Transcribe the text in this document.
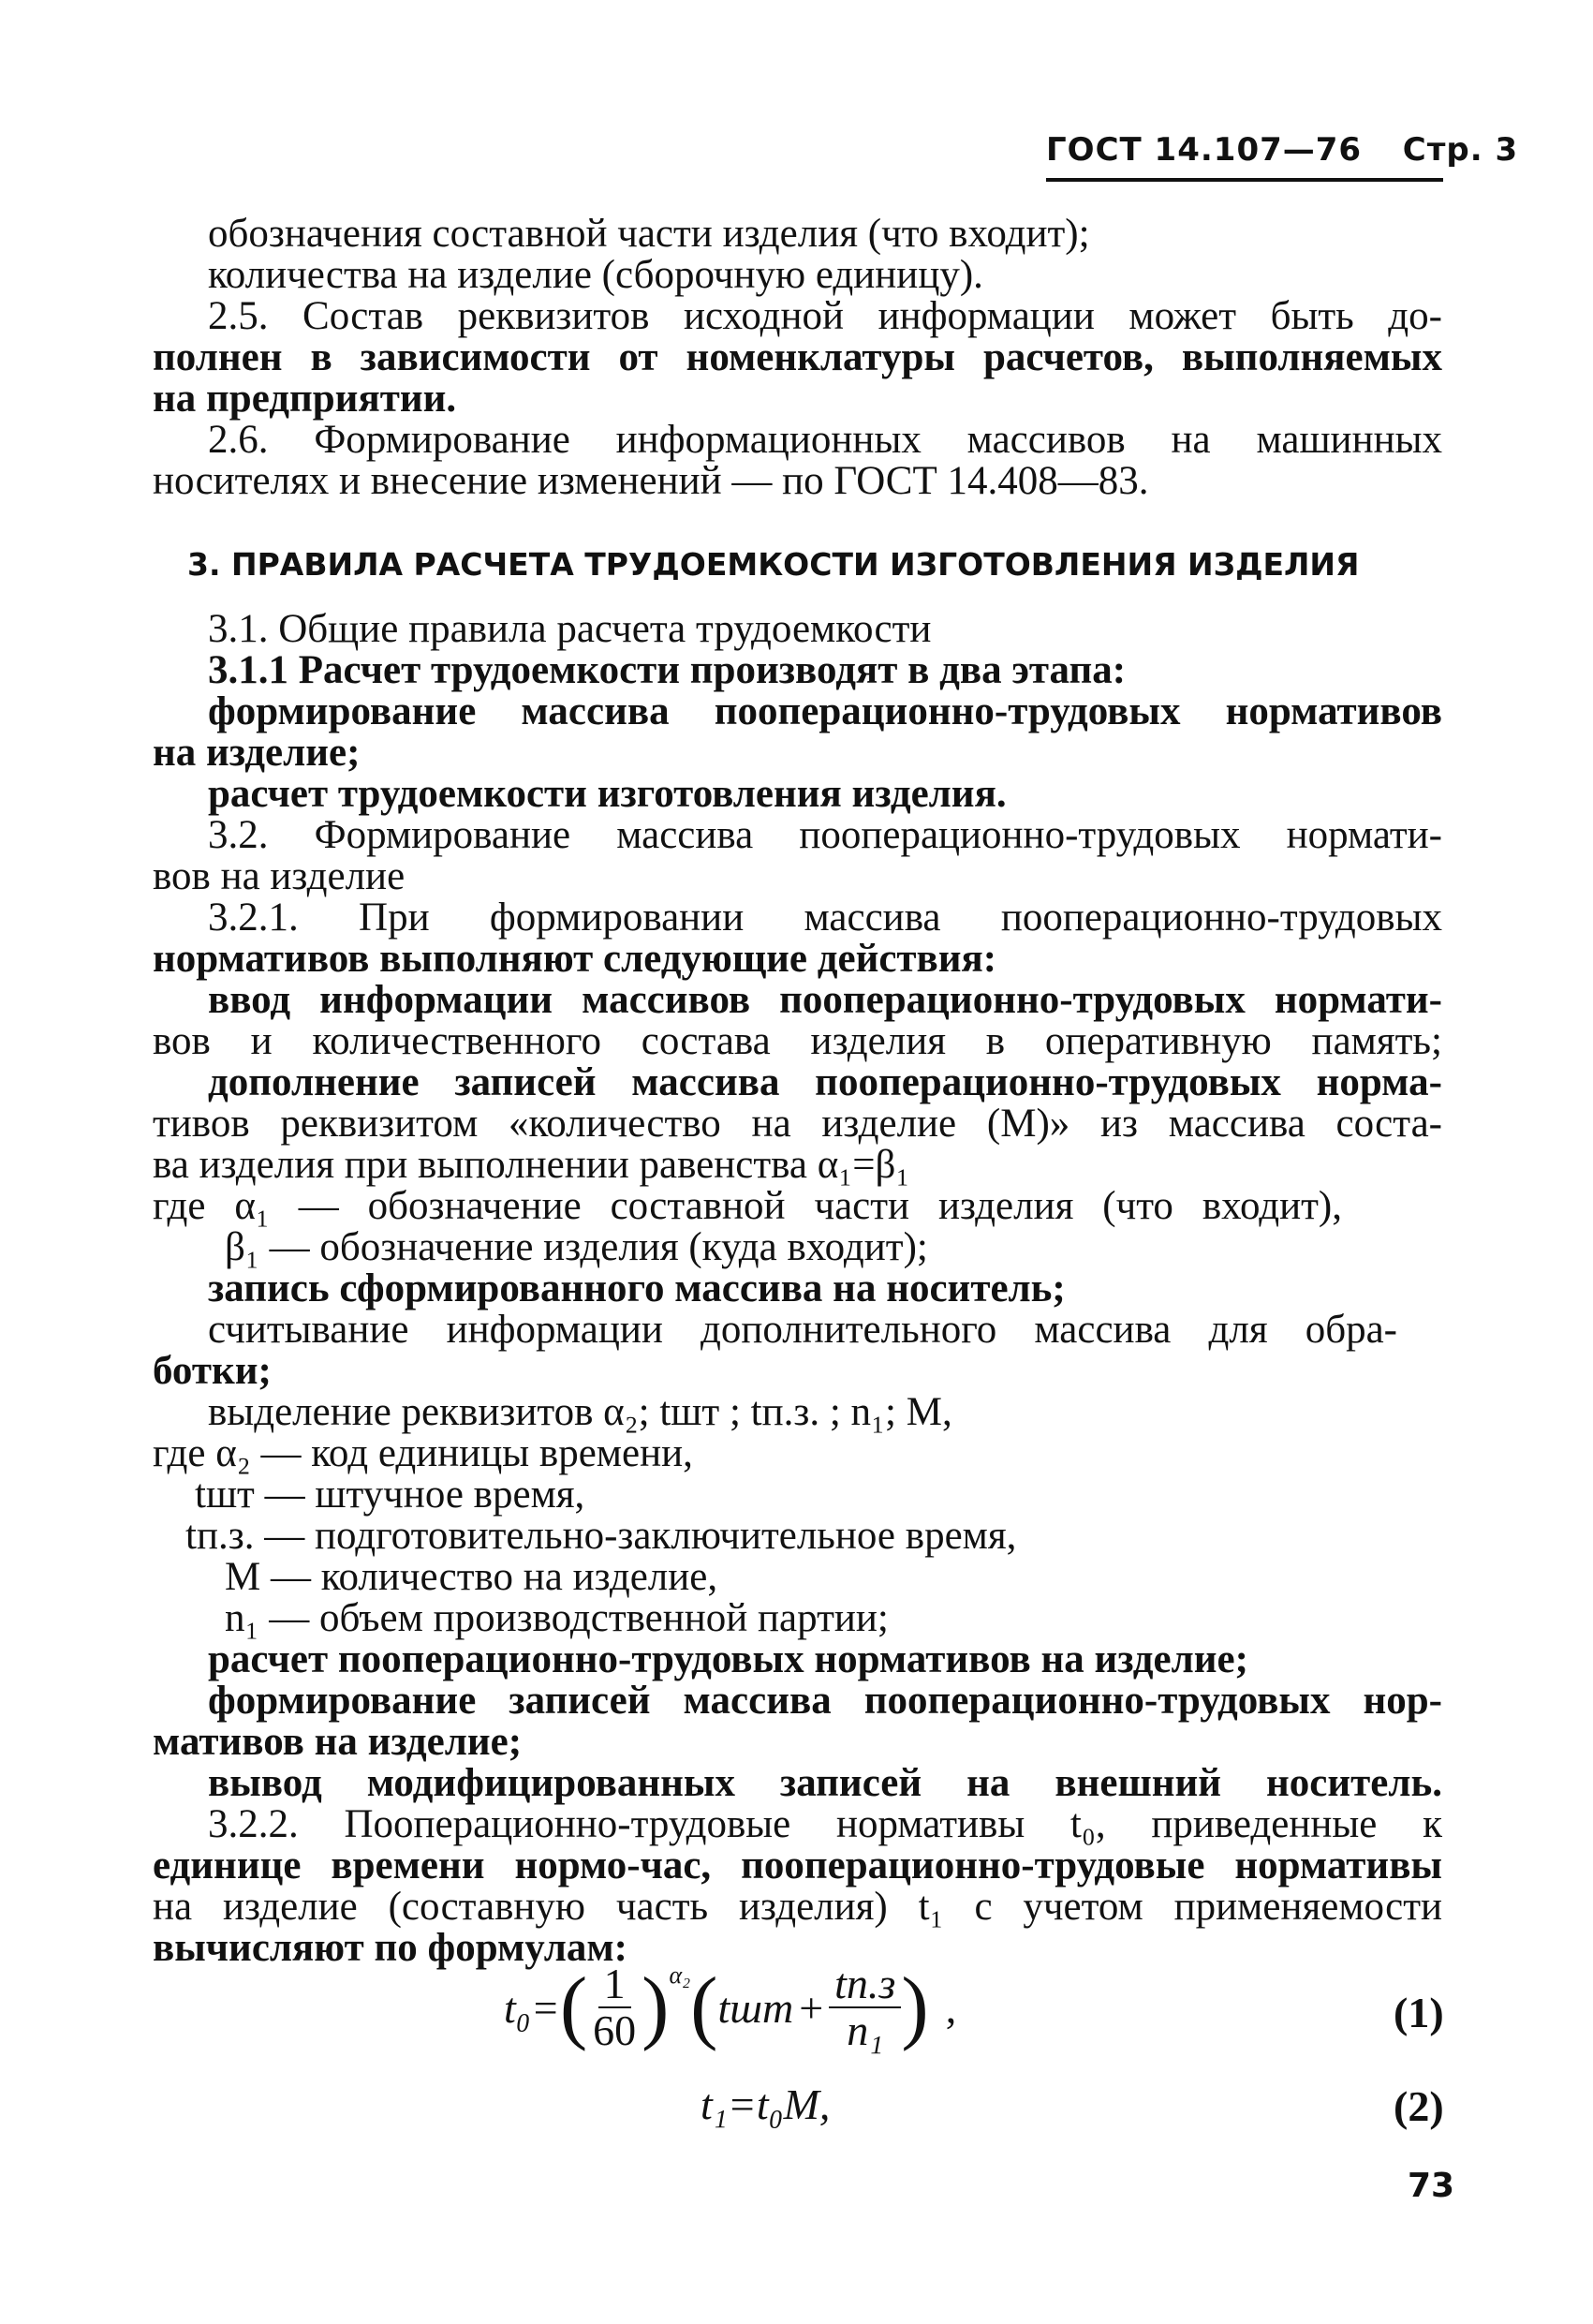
ГОСТ 14.107—76 Стр. 3
обозначения составной части изделия (что входит);
количества на изделие (сборочную единицу).
2.5. Состав реквизитов исходной информации может быть до-
полнен в зависимости от номенклатуры расчетов, выполняемых
на предприятии.
2.6. Формирование информационных массивов на машинных
носителях и внесение изменений — по ГОСТ 14.408—83.
3. ПРАВИЛА РАСЧЕТА ТРУДОЕМКОСТИ ИЗГОТОВЛЕНИЯ ИЗДЕЛИЯ
3.1. Общие правила расчета трудоемкости
3.1.1 Расчет трудоемкости производят в два этапа:
формирование массива пооперационно-трудовых нормативов
на изделие;
расчет трудоемкости изготовления изделия.
3.2. Формирование массива пооперационно-трудовых нормати-
вов на изделие
3.2.1. При формировании массива пооперационно-трудовых
нормативов выполняют следующие действия:
ввод информации массивов пооперационно-трудовых нормати-
вов и количественного состава изделия в оперативную память;
дополнение записей массива пооперационно-трудовых норма-
тивов реквизитом «количество на изделие (М)» из массива соста-
ва изделия при выполнении равенства α₁=β₁
где α₁ — обозначение составной части изделия (что входит),
β₁ — обозначение изделия (куда входит);
запись сформированного массива на носитель;
считывание информации дополнительного массива для обра-
ботки;
выделение реквизитов α₂; tшт ; tп.з. ; n₁; М,
где α₂ — код единицы времени,
tшт — штучное время,
tп.з. — подготовительно-заключительное время,
М — количество на изделие,
n₁ — объем производственной партии;
расчет пооперационно-трудовых нормативов на изделие;
формирование записей массива пооперационно-трудовых нор-
мативов на изделие;
вывод модифицированных записей на внешний носитель.
3.2.2. Пооперационно-трудовые нормативы t₀, приведенные к
единице времени нормо-час, пооперационно-трудовые нормативы
на изделие (составную часть изделия) t₁ с учетом применяемости
вычисляют по формулам:
t₀= ( $\frac{1}{60}$ ) α₂ ( tшт + $\frac{tп.з}{\text{n₁}}$ ) ,	(1)
t₁=t₀M,	(2)
73
